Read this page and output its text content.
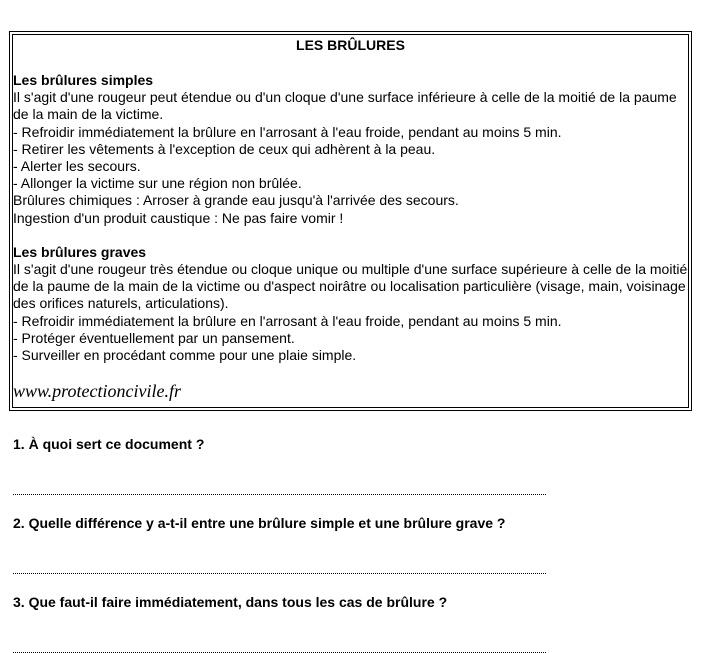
LES BRÛLURES
Les brûlures simples
Il s'agit d'une rougeur peut étendue ou d'un cloque d'une surface inférieure à celle de la moitié de la paume de la main de la victime.
- Refroidir immédiatement la brûlure en l'arrosant à l'eau froide, pendant au moins 5 min.
- Retirer les vêtements à l'exception de ceux qui adhèrent à la peau.
- Alerter les secours.
- Allonger la victime sur une région non brûlée.
Brûlures chimiques : Arroser à grande eau jusqu'à l'arrivée des secours.
Ingestion d'un produit caustique : Ne pas faire vomir !
Les brûlures graves
Il s'agit d'une rougeur très étendue ou cloque unique ou multiple d'une surface supérieure à celle de la moitié de la paume de la main de la victime ou d'aspect noirâtre ou localisation particulière (visage, main, voisinage des orifices naturels, articulations).
- Refroidir immédiatement la brûlure en l'arrosant à l'eau froide, pendant au moins 5 min.
- Protéger éventuellement par un pansement.
- Surveiller en procédant comme pour une plaie simple.
www.protectioncivile.fr
1. À quoi sert ce document ?
2. Quelle différence y a-t-il entre une brûlure simple et une brûlure grave ?
3. Que faut-il faire immédiatement, dans tous les cas de brûlure ?
